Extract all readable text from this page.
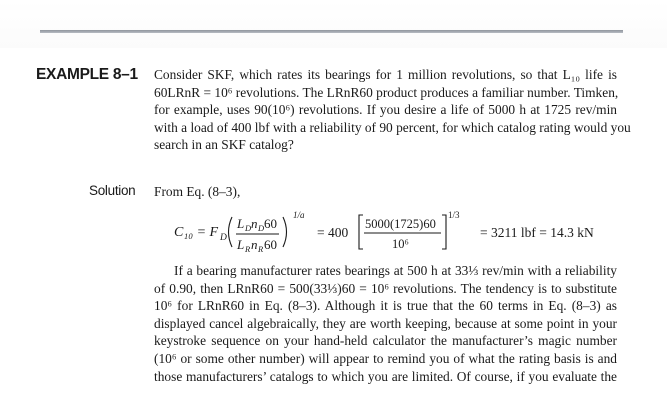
EXAMPLE 8–1 Consider SKF, which rates its bearings for 1 million revolutions, so that L₁₀ life is
60LRnR = 10⁶ revolutions. The LRnR60 product produces a familiar number. Timken,
for example, uses 90(10⁶) revolutions. If you desire a life of 5000 h at 1725 rev/min
with a load of 400 lbf with a reliability of 90 percent, for which catalog rating would you
search in an SKF catalog?
Solution From Eq. (8–3),
C₁₀ = F D
L D n D 60
L R n R 60
1/a
= 400
5000(1725)60
10⁶
1/3
= 3211 lbf = 14.3 kN
If a bearing manufacturer rates bearings at 500 h at 33⅓ rev/min with a reliability
of 0.90, then LRnR60 = 500(33⅓)60 = 10⁶ revolutions. The tendency is to substitute
10⁶ for LRnR60 in Eq. (8–3). Although it is true that the 60 terms in Eq. (8–3) as
displayed cancel algebraically, they are worth keeping, because at some point in your
keystroke sequence on your hand-held calculator the manufacturer’s magic number
(10⁶ or some other number) will appear to remind you of what the rating basis is and
those manufacturers’ catalogs to which you are limited. Of course, if you evaluate the
